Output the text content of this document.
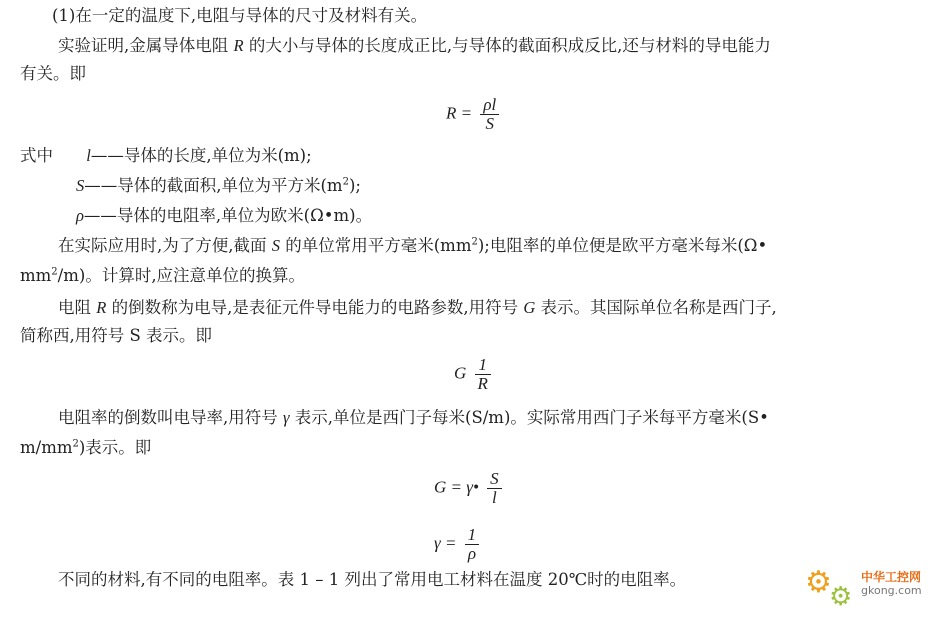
(1)在一定的温度下,电阻与导体的尺寸及材料有关。
实验证明,金属导体电阻 R 的大小与导体的长度成正比,与导体的截面积成反比,还与材料的导电能力
有关。即
$R = \frac{\rho l}{S}$
式中 l——导体的长度,单位为米(m);
S——导体的截面积,单位为平方米$(m^2)$;
ρ——导体的电阻率,单位为欧米(Ω•m)。
在实际应用时,为了方便,截面 S 的单位常用平方毫米$(mm^2)$;电阻率的单位便是欧平方毫米每米(Ω•
$mm^2/m$)。计算时,应注意单位的换算。
电阻 R 的倒数称为电导,是表征元件导电能力的电路参数,用符号 G 表示。其国际单位名称是西门子,
简称西,用符号 S 表示。即
G $\frac{1}{R}$
电阻率的倒数叫电导率,用符号 γ 表示,单位是西门子每米(S/m)。实际常用西门子米每平方毫米(S•
$m/mm^2$)表示。即
G = γ• $\frac{S}{l}$
$\gamma = \frac{1}{\rho}$
不同的材料,有不同的电阻率。表 1 – 1 列出了常用电工材料在温度 20℃时的电阻率。	⚙
⚙
中华工控网
gkong.com
